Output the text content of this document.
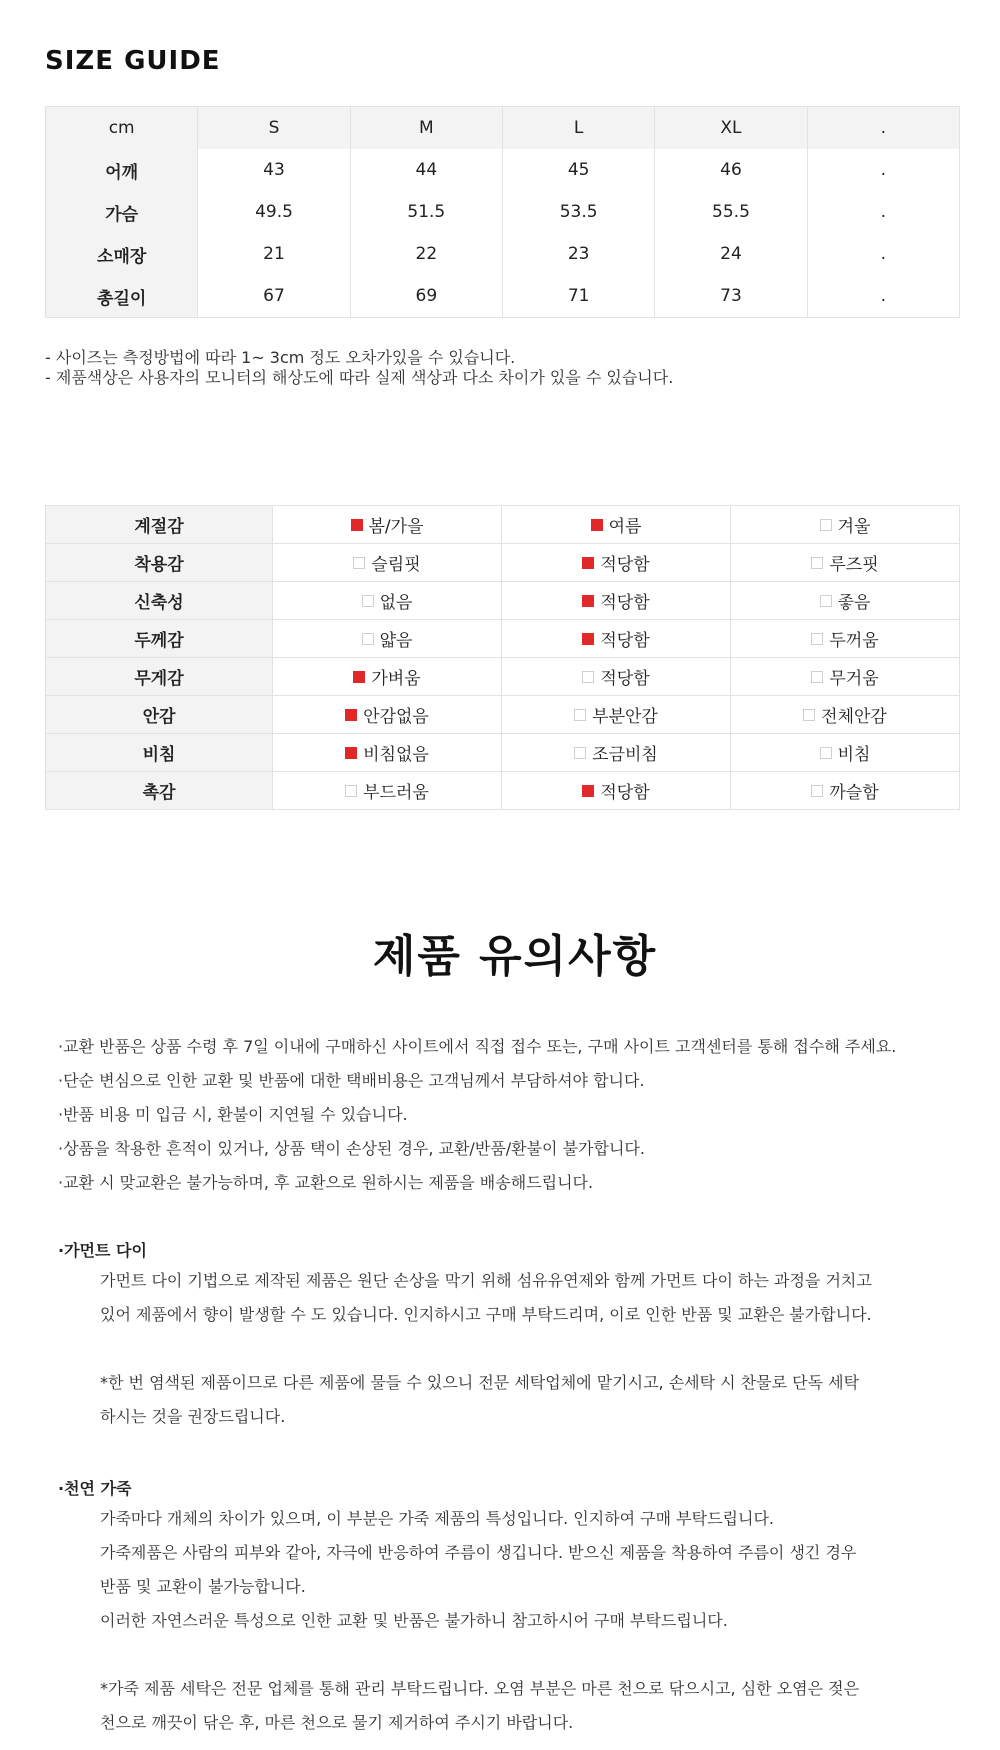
SIZE GUIDE
cm	S	M	L	XL	.
어깨	43	44	45	46	.
가슴	49.5	51.5	53.5	55.5	.
소매장	21	22	23	24	.
총길이	67	69	71	73	.
- 사이즈는 측정방법에 따라 1~ 3cm 정도 오차가있을 수 있습니다.
- 제품색상은 사용자의 모니터의 해상도에 따라 실제 색상과 다소 차이가 있을 수 있습니다.
계절감	봄/가을	여름	겨울

착용감	슬림핏	적당함	루즈핏

신축성	없음	적당함	좋음

두께감	얇음	적당함	두꺼움

무게감	가벼움	적당함	무거움

안감	안감없음	부분안감	전체안감

비침	비침없음	조금비침	비침

촉감	부드러움	적당함	까슬함
제품 유의사항
·교환 반품은 상품 수령 후 7일 이내에 구매하신 사이트에서 직접 접수 또는, 구매 사이트 고객센터를 통해 접수해 주세요.
·단순 변심으로 인한 교환 및 반품에 대한 택배비용은 고객님께서 부담하셔야 합니다.
·반품 비용 미 입금 시, 환불이 지연될 수 있습니다.
·상품을 착용한 흔적이 있거나, 상품 택이 손상된 경우, 교환/반품/환불이 불가합니다.
·교환 시 맞교환은 불가능하며, 후 교환으로 원하시는 제품을 배송해드립니다.
·가먼트 다이
가먼트 다이 기법으로 제작된 제품은 원단 손상을 막기 위해 섬유유연제와 함께 가먼트 다이 하는 과정을 거치고
있어 제품에서 향이 발생할 수 도 있습니다. 인지하시고 구매 부탁드리며, 이로 인한 반품 및 교환은 불가합니다.
*한 번 염색된 제품이므로 다른 제품에 물들 수 있으니 전문 세탁업체에 맡기시고, 손세탁 시 찬물로 단독 세탁
하시는 것을 권장드립니다.
·천연 가죽
가죽마다 개체의 차이가 있으며, 이 부분은 가죽 제품의 특성입니다. 인지하여 구매 부탁드립니다.
가죽제품은 사람의 피부와 같아, 자극에 반응하여 주름이 생깁니다. 받으신 제품을 착용하여 주름이 생긴 경우
반품 및 교환이 불가능합니다.
이러한 자연스러운 특성으로 인한 교환 및 반품은 불가하니 참고하시어 구매 부탁드립니다.
*가죽 제품 세탁은 전문 업체를 통해 관리 부탁드립니다. 오염 부분은 마른 천으로 닦으시고, 심한 오염은 젖은
천으로 깨끗이 닦은 후, 마른 천으로 물기 제거하여 주시기 바랍니다.
